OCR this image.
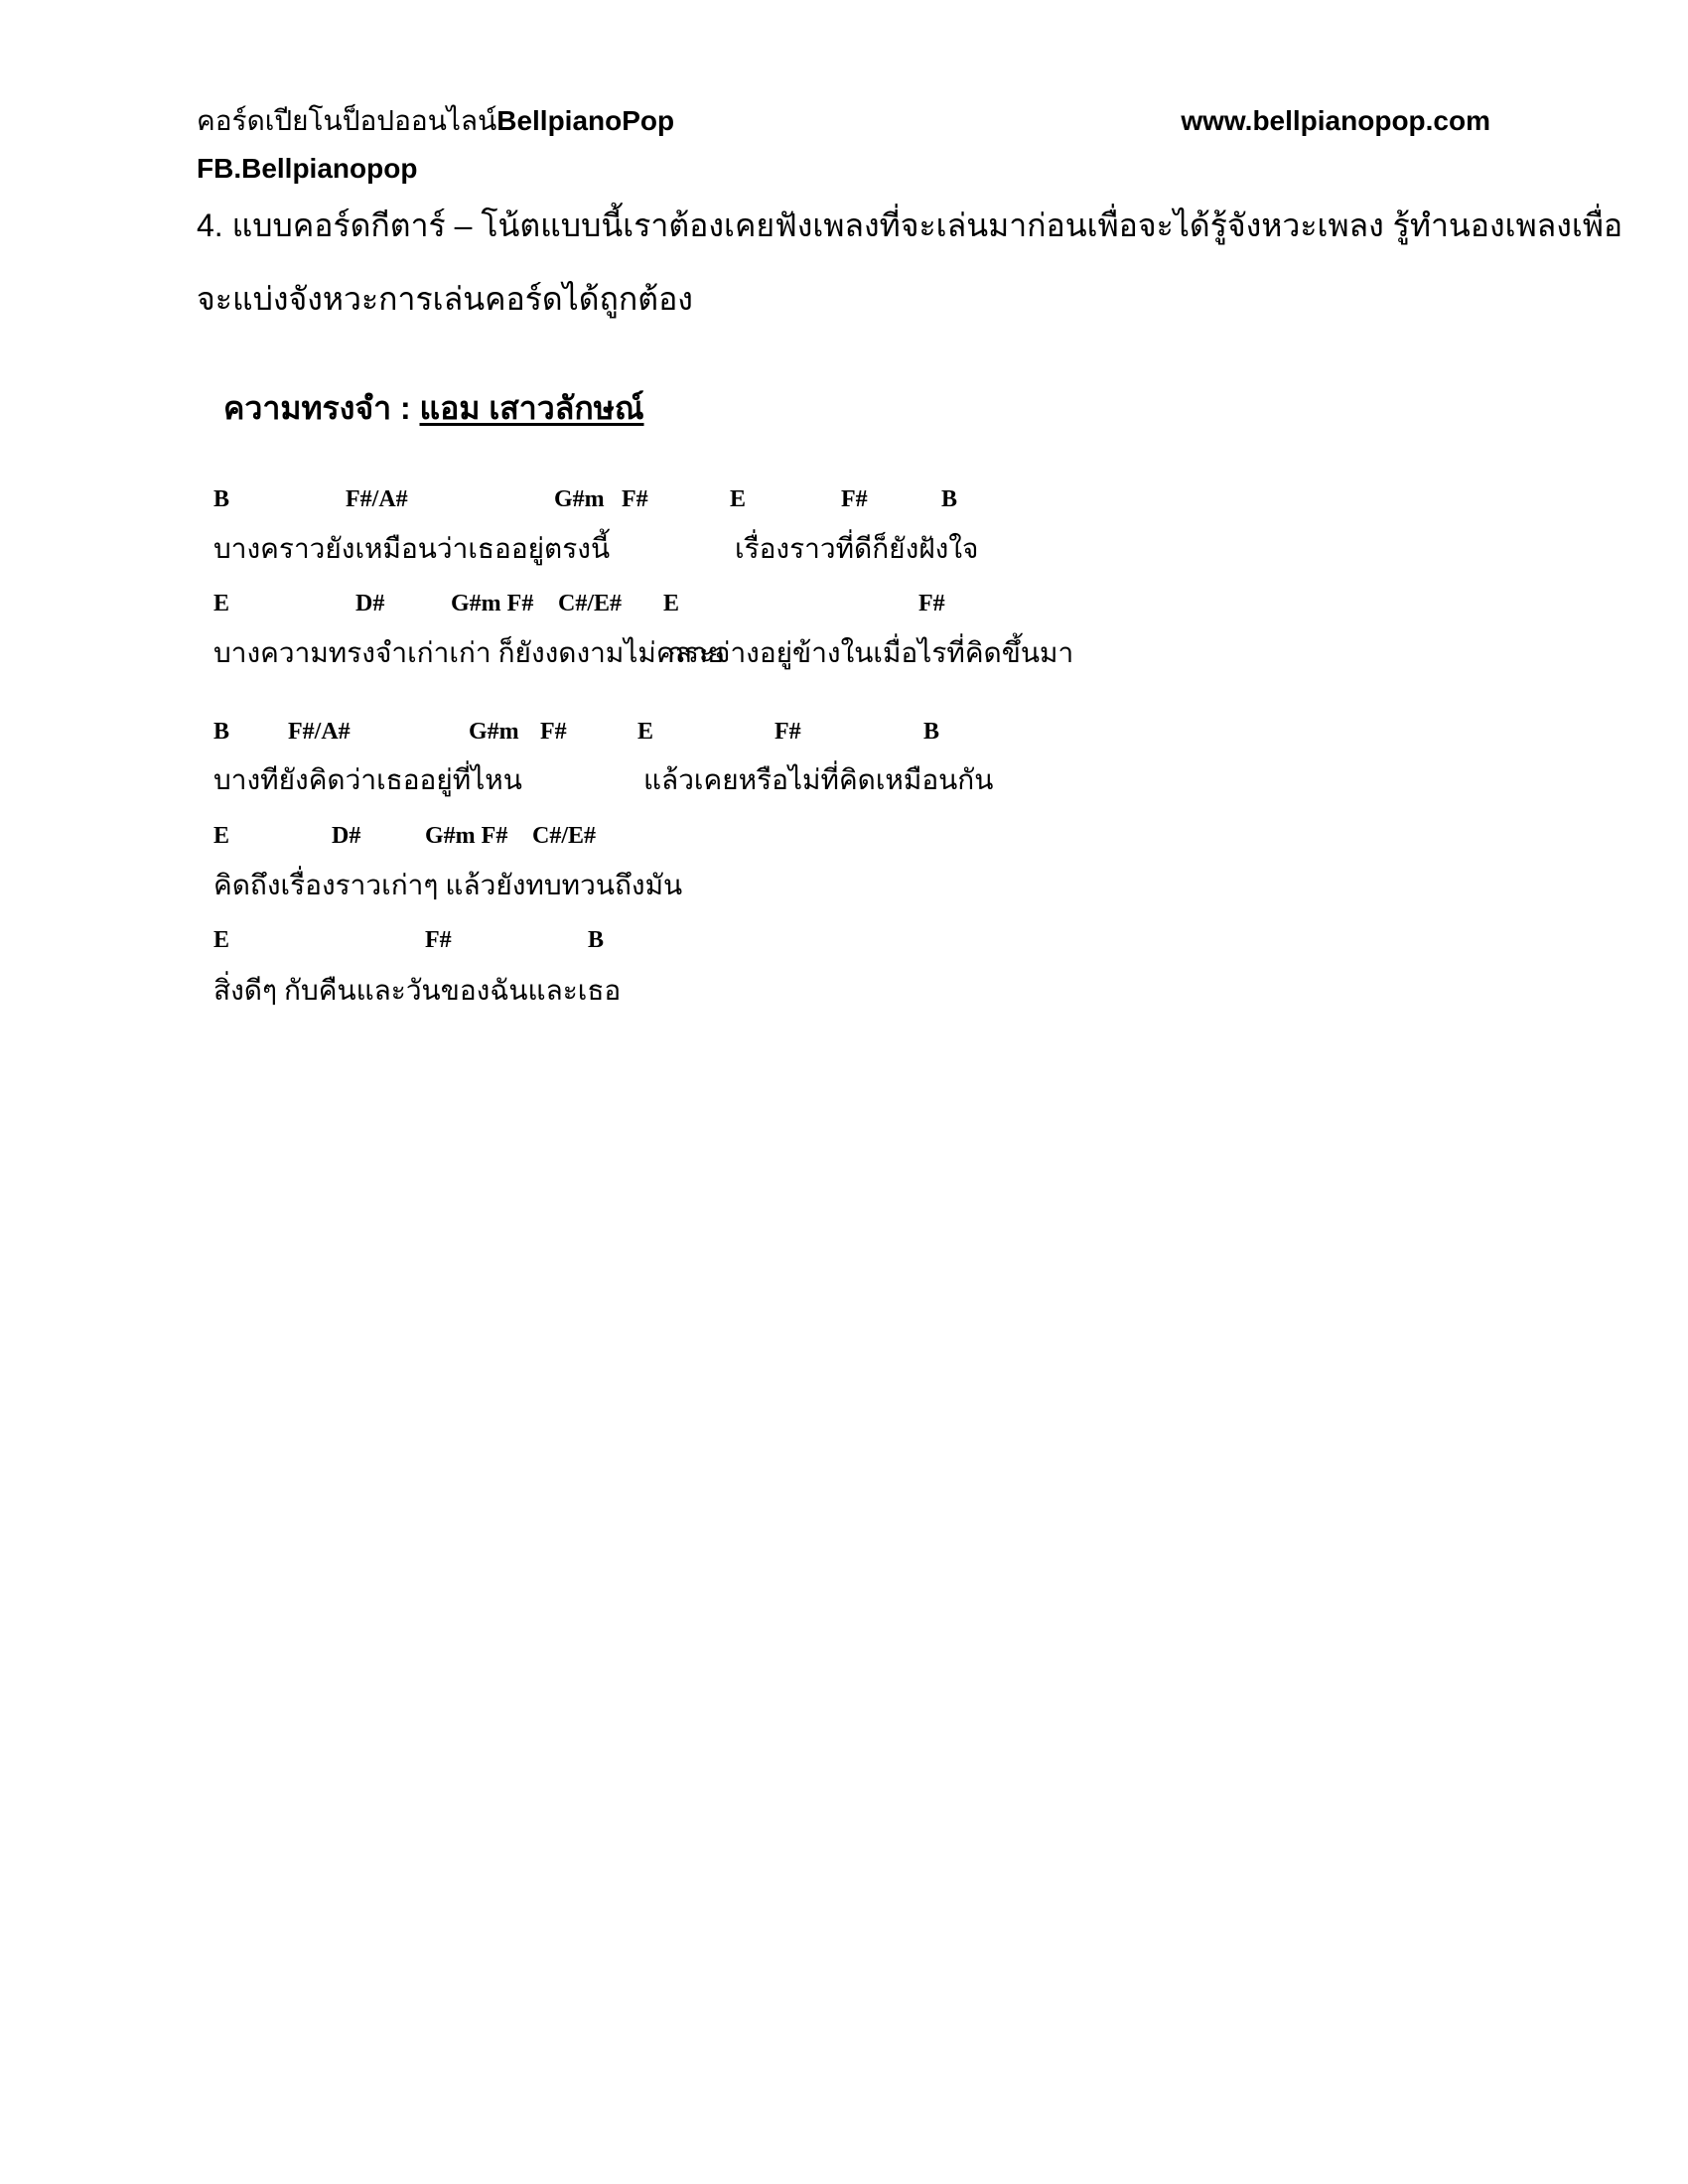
คอร์ดเปียโนป็อปออนไลน์BellpianoPop	www.bellpianopop.com
FB.Bellpianopop
4. แบบคอร์ดกีตาร์ – โน้ตแบบนี้เราต้องเคยฟังเพลงที่จะเล่นมาก่อนเพื่อจะได้รู้จังหวะเพลง รู้ทำนองเพลงเพื่อ
จะแบ่งจังหวะการเล่นคอร์ดได้ถูกต้อง
ความทรงจำ : แอม เสาวลักษณ์
B	F#/A#	G#m F#	E	F#	B
บางคราวยังเหมือนว่าเธออยู่ตรงนี้	เรื่องราวที่ดีก็ยังฝังใจ
E	D#	G#m F# C#/E# E	F#
บางความทรงจำเก่าเก่า ก็ยังงดงามไม่คลาย
กระจ่างอยู่ข้างในเมื่อไรที่คิดขึ้นมา
B F#/A#	G#m F#	E	F#	B
บางทียังคิดว่าเธออยู่ที่ไหน	แล้วเคยหรือไม่ที่คิดเหมือนกัน
E	D#	G#m F# C#/E#
คิดถึงเรื่องราวเก่าๆ แล้วยังทบทวนถึงมัน
E	F#	B
สิ่งดีๆ กับคืนและวันของฉันและเธอ
